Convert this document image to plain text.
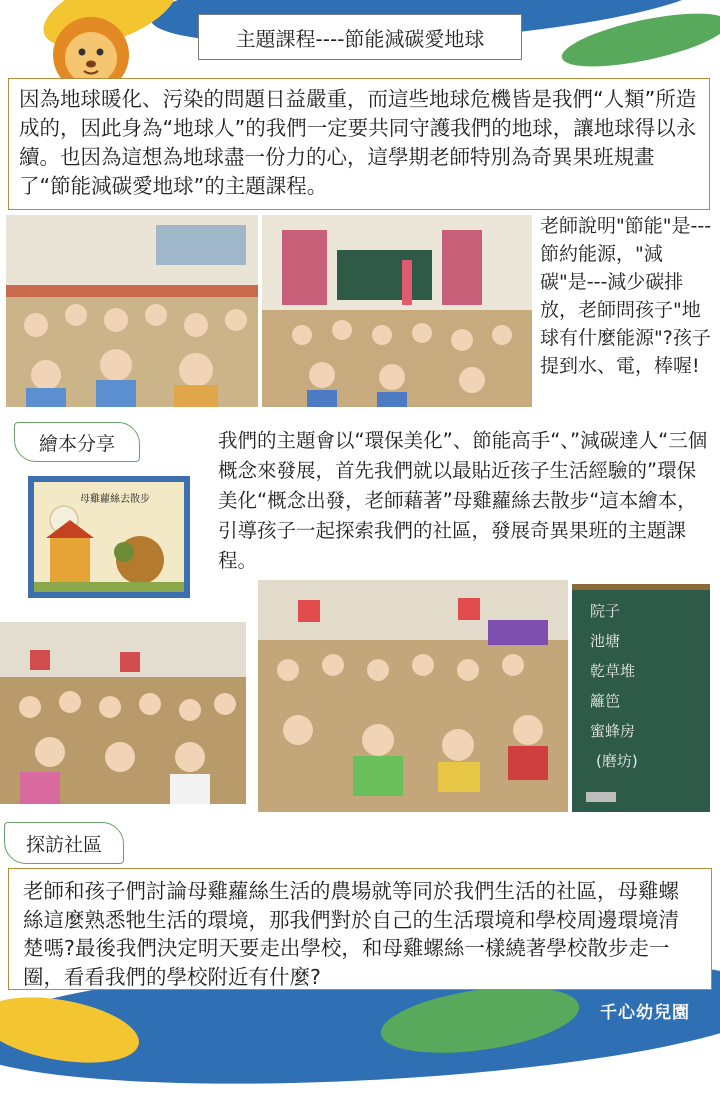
主題課程----節能減碳愛地球
因為地球暖化、污染的問題日益嚴重，而這些地球危機皆是我們“人類”所造成的，因此身為“地球人”的我們一定要共同守護我們的地球，讓地球得以永續。也因為這想為地球盡一份力的心，這學期老師特別為奇異果班規畫了“節能減碳愛地球”的主題課程。
老師說明"節能"是---節約能源，"減碳"是---減少碳排放，老師問孩子"地球有什麼能源"?孩子提到水、電，棒喔!
繪本分享
母雞蘿絲去散步
我們的主題會以“環保美化”、節能高手“、”減碳達人“三個概念來發展，首先我們就以最貼近孩子生活經驗的”環保美化“概念出發，老師藉著”母雞蘿絲去散步“這本繪本，引導孩子一起探索我們的社區，發展奇異果班的主題課程。
院子
池塘
乾草堆
籬笆
蜜蜂房
(磨坊)
探訪社區
老師和孩子們討論母雞蘿絲生活的農場就等同於我們生活的社區，母雞螺絲這麼熟悉牠生活的環境，那我們對於自己的生活環境和學校周邊環境清楚嗎?最後我們決定明天要走出學校，和母雞螺絲一樣繞著學校散步走一圈，看看我們的學校附近有什麼?
千心幼兒園
